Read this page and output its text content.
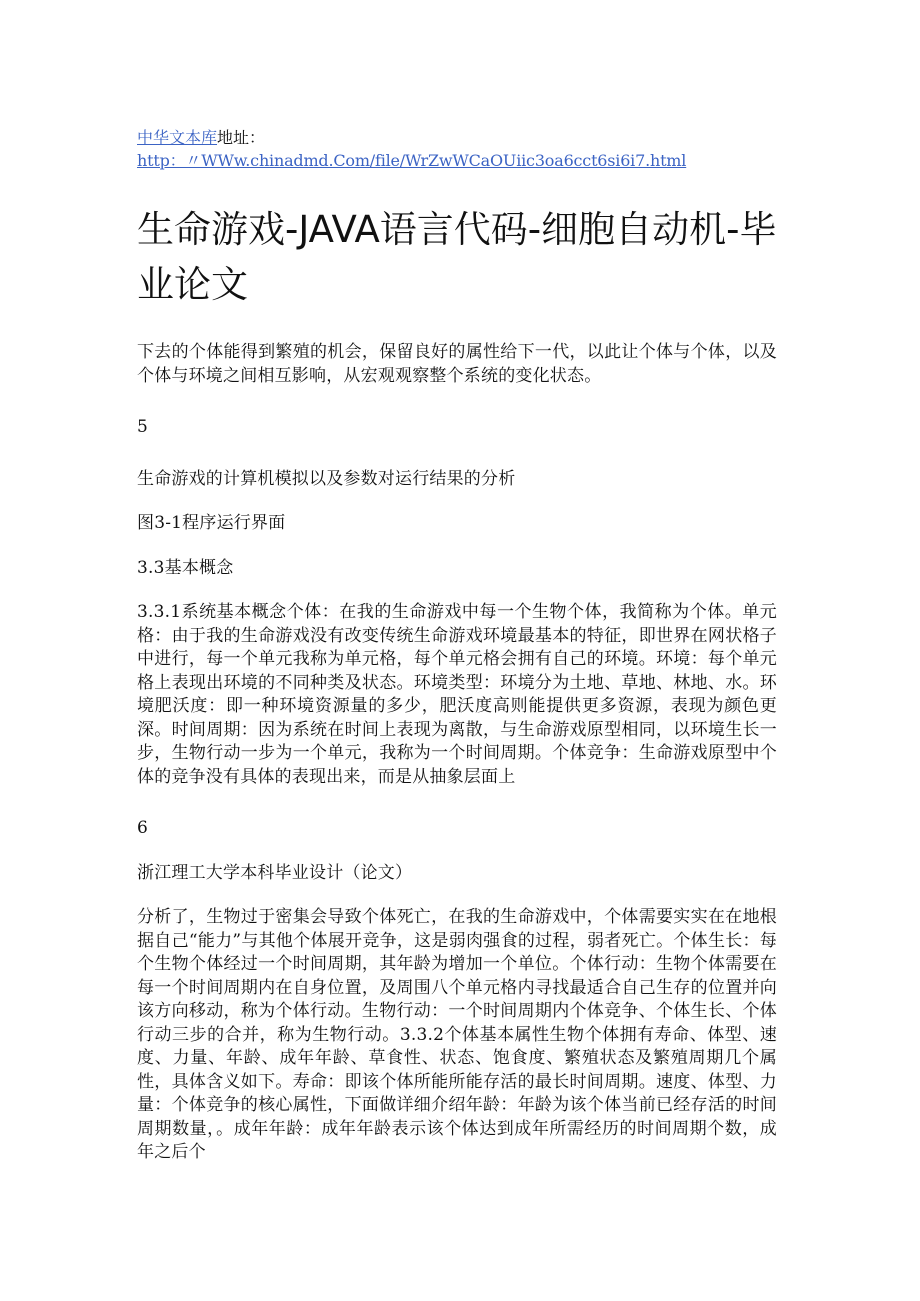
中华文本库地址：

http：〃WWw.chinadmd.Com/file/WrZwWCaOUiic3oa6cct6si6i7.html

生命游戏-JAVA语言代码-细胞自动机-毕业论文

下去的个体能得到繁殖的机会，保留良好的属性给下一代，以此让个体与个体，以及个体与环境之间相互影响，从宏观观察整个系统的变化状态。

5

生命游戏的计算机模拟以及参数对运行结果的分析

图3-1程序运行界面

3.3基本概念

3.3.1系统基本概念个体：在我的生命游戏中每一个生物个体，我简称为个体。单元格：由于我的生命游戏没有改变传统生命游戏环境最基本的特征，即世界在网状格子中进行，每一个单元我称为单元格，每个单元格会拥有自己的环境。环境：每个单元格上表现出环境的不同种类及状态。环境类型：环境分为土地、草地、林地、水。环境肥沃度：即一种环境资源量的多少，肥沃度高则能提供更多资源，表现为颜色更深。时间周期：因为系统在时间上表现为离散，与生命游戏原型相同，以环境生长一步，生物行动一步为一个单元，我称为一个时间周期。个体竞争：生命游戏原型中个体的竞争没有具体的表现出来，而是从抽象层面上

6

浙江理工大学本科毕业设计（论文）

分析了，生物过于密集会导致个体死亡，在我的生命游戏中，个体需要实实在在地根据自己“能力”与其他个体展开竞争，这是弱肉强食的过程，弱者死亡。个体生长：每个生物个体经过一个时间周期，其年龄为增加一个单位。个体行动：生物个体需要在每一个时间周期内在自身位置，及周围八个单元格内寻找最适合自己生存的位置并向该方向移动，称为个体行动。生物行动：一个时间周期内个体竞争、个体生长、个体行动三步的合并，称为生物行动。3.3.2个体基本属性生物个体拥有寿命、体型、速度、力量、年龄、成年年龄、草食性、状态、饱食度、繁殖状态及繁殖周期几个属性，具体含义如下。寿命：即该个体所能所能存活的最长时间周期。速度、体型、力量：个体竞争的核心属性，下面做详细介绍年龄：年龄为该个体当前已经存活的时间周期数量，。成年年龄：成年年龄表示该个体达到成年所需经历的时间周期个数，成年之后个
